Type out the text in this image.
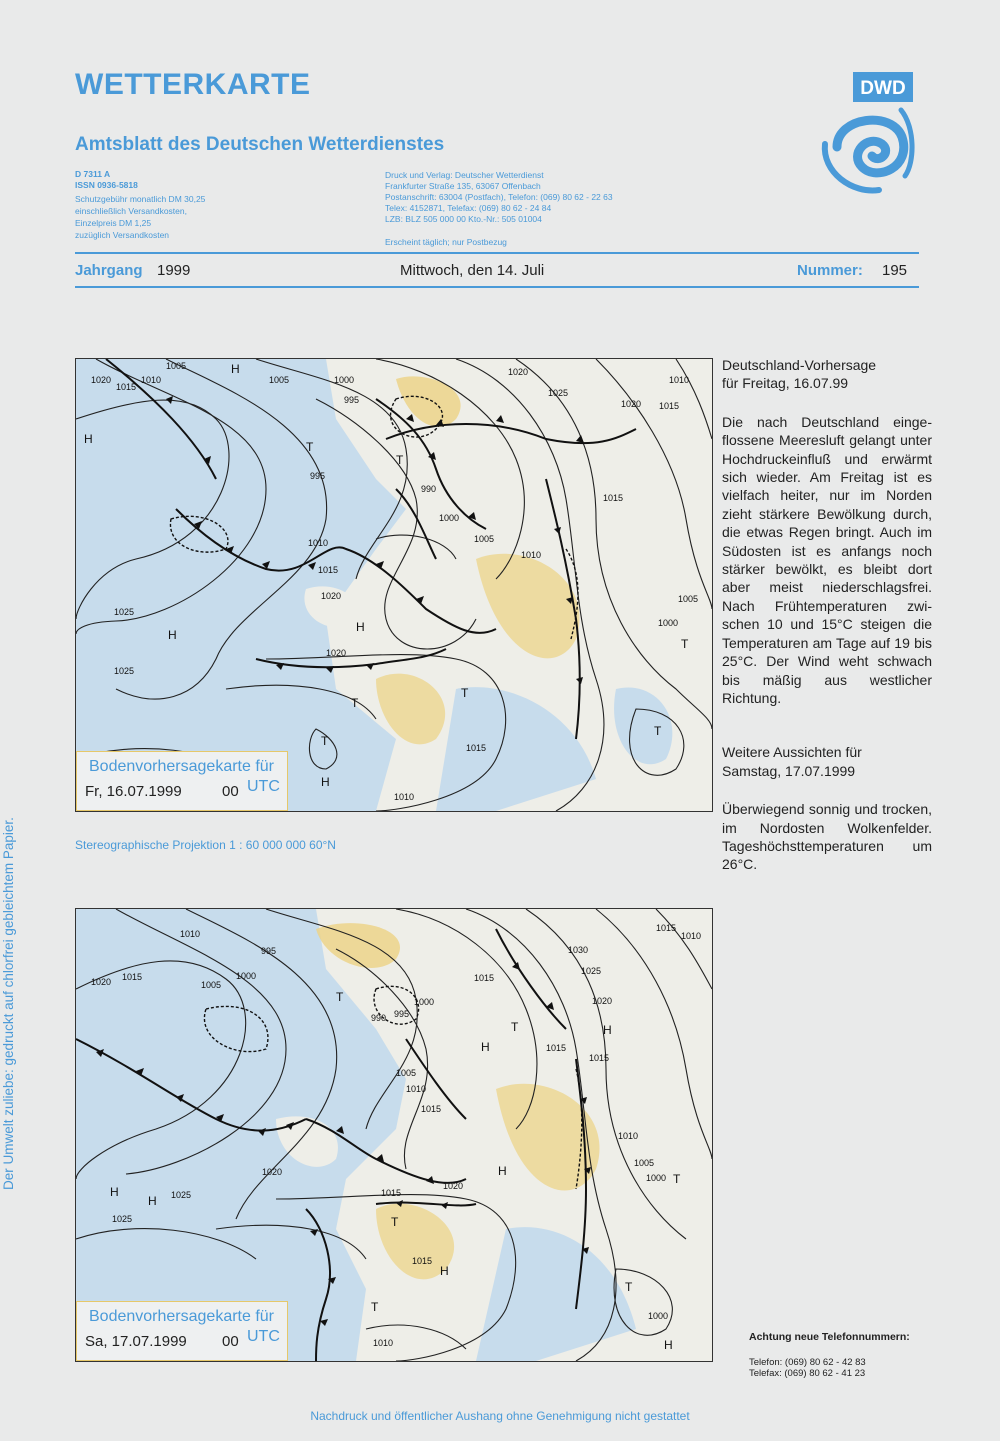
WETTERKARTE
Amtsblatt des Deutschen Wetterdienstes
D 7311 A
ISSN 0936-5818
Schutzgebühr monatlich DM 30,25
einschließlich Versandkosten,
Einzelpreis DM 1,25
zuzüglich Versandkosten
Druck und Verlag: Deutscher Wetterdienst
Frankfurter Straße 135, 63067 Offenbach
Postanschrift: 63004 (Postfach), Telefon: (069) 80 62 - 22 63
Telex: 4152871, Telefax: (069) 80 62 - 24 84
LZB: BLZ 505 000 00 Kto.-Nr.: 505 01004
Erscheint täglich; nur Postbezug
DWD
Jahrgang 1999	Mittwoch, den 14. Juli	Nummer: 195
1005	H
1020
1015
1010	1005	1000
995
1020
1025
1020 1015
1010
H
T
995
990
T
1000
1005
1010
1015
1010
1015
1020
1025
H
H
1020
1005
1000
T
1025
T
T
1015
H
1010
T
T
Bodenvorhersagekarte für
Fr, 16.07.1999	00 UTC
Stereographische Projektion 1 : 60 000 000 60°N
1010
995
1015
1020	1005
1000
T	1000
990 995
1015
1030
1025
1020
1015
1010
1005
1010
1015
H
T	H
1015
1015
1010
1005
1000 T
H
1020
H
H 1025
1025
1020
1015
T
1015
H
T
1000
1010	H
T
Bodenvorhersagekarte für
Sa, 17.07.1999 00 UTC
Deutschland-Vorhersage
für Freitag, 16.07.99
Die nach Deutschland eingeflossene Meeresluft gelangt unter Hochdruckeinfluß und erwärmt sich wieder. Am Freitag ist es vielfach heiter, nur im Norden zieht stärkere Bewölkung durch, die etwas Regen bringt. Auch im Südosten ist es anfangs noch stärker bewölkt, es bleibt dort aber meist niederschlagsfrei. Nach Frühtemperaturen zwischen 10 und 15°C steigen die Temperaturen am Tage auf 19 bis 25°C. Der Wind weht schwach bis mäßig aus westlicher Richtung.
Weitere Aussichten für
Samstag, 17.07.1999
Überwiegend sonnig und trocken, im Nordosten Wolkenfelder. Tageshöchsttemperaturen um 26°C.
Achtung neue Telefonnummern:
Telefon: (069) 80 62 - 42 83
Telefax: (069) 80 62 - 41 23
Der Umwelt zuliebe: gedruckt auf chlorfrei gebleichtem Papier.
Nachdruck und öffentlicher Aushang ohne Genehmigung nicht gestattet
